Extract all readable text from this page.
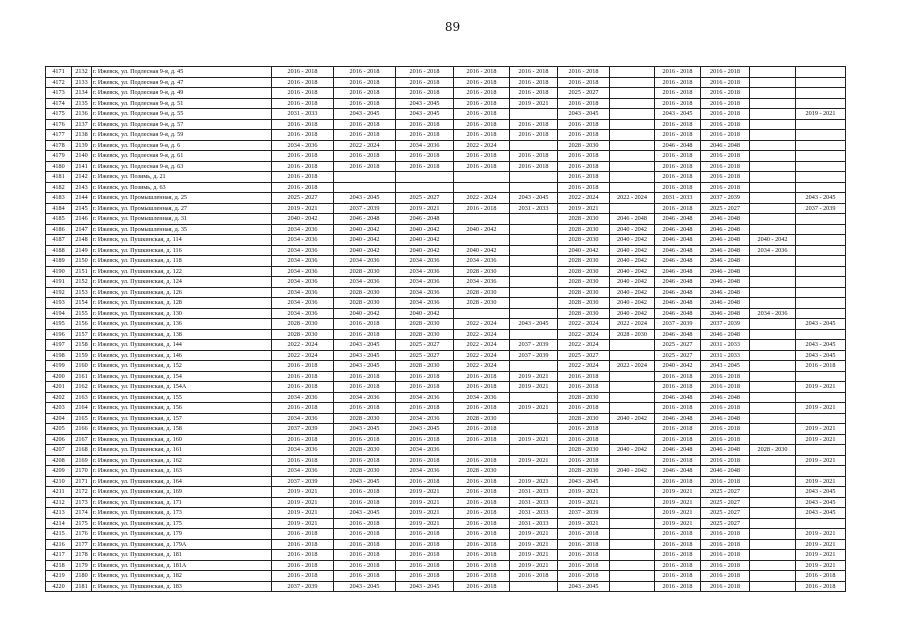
89
4171	2132	г. Ижевск, ул. Подлесная 9-я, д. 45	2016 - 2018	2016 - 2018	2016 - 2018	2016 - 2018	2016 - 2018	2016 - 2018		2016 - 2018	2016 - 2018		
4172	2133	г. Ижевск, ул. Подлесная 9-я, д. 47	2016 - 2018	2016 - 2018	2016 - 2018	2016 - 2018	2016 - 2018	2016 - 2018		2016 - 2018	2016 - 2018		
4173	2134	г. Ижевск, ул. Подлесная 9-я, д. 49	2016 - 2018	2016 - 2018	2016 - 2018	2016 - 2018	2016 - 2018	2025 - 2027		2016 - 2018	2016 - 2018		
4174	2135	г. Ижевск, ул. Подлесная 9-я, д. 51	2016 - 2018	2016 - 2018	2043 - 2045	2016 - 2018	2019 - 2021	2016 - 2018		2016 - 2018	2016 - 2018		
4175	2136	г. Ижевск, ул. Подлесная 9-я, д. 55	2031 - 2033	2043 - 2045	2043 - 2045	2016 - 2018		2043 - 2045		2043 - 2045	2016 - 2018		2019 - 2021
4176	2137	г. Ижевск, ул. Подлесная 9-я, д. 57	2016 - 2018	2016 - 2018	2016 - 2018	2016 - 2018	2016 - 2018	2016 - 2018		2016 - 2018	2016 - 2018		
4177	2138	г. Ижевск, ул. Подлесная 9-я, д. 59	2016 - 2018	2016 - 2018	2016 - 2018	2016 - 2018	2016 - 2018	2016 - 2018		2016 - 2018	2016 - 2018		
4178	2139	г. Ижевск, ул. Подлесная 9-я, д. 6	2034 - 2036	2022 - 2024	2034 - 2036	2022 - 2024		2028 - 2030		2046 - 2048	2046 - 2048		
4179	2140	г. Ижевск, ул. Подлесная 9-я, д. 61	2016 - 2018	2016 - 2018	2016 - 2018	2016 - 2018	2016 - 2018	2016 - 2018		2016 - 2018	2016 - 2018		
4180	2141	г. Ижевск, ул. Подлесная 9-я, д. 63	2016 - 2018	2016 - 2018	2016 - 2018	2016 - 2018	2016 - 2018	2016 - 2018		2016 - 2018	2016 - 2018		
4181	2142	г. Ижевск, ул. Позимь, д. 21	2016 - 2018					2016 - 2018		2016 - 2018	2016 - 2018		
4182	2143	г. Ижевск, ул. Позимь, д. 63	2016 - 2018					2016 - 2018		2016 - 2018	2016 - 2018		
4183	2144	г. Ижевск, ул. Промышленная, д. 25	2025 - 2027	2043 - 2045	2025 - 2027	2022 - 2024	2043 - 2045	2022 - 2024	2022 - 2024	2031 - 2033	2037 - 2039		2043 - 2045
4184	2145	г. Ижевск, ул. Промышленная, д. 27	2019 - 2021	2037 - 2039	2019 - 2021	2016 - 2018	2031 - 2033	2019 - 2021		2016 - 2018	2025 - 2027		2037 - 2039
4185	2146	г. Ижевск, ул. Промышленная, д. 31	2040 - 2042	2046 - 2048	2046 - 2048			2028 - 2030	2046 - 2048	2046 - 2048	2046 - 2048		
4186	2147	г. Ижевск, ул. Промышленная, д. 35	2034 - 2036	2040 - 2042	2040 - 2042	2040 - 2042		2028 - 2030	2040 - 2042	2046 - 2048	2046 - 2048		
4187	2148	г. Ижевск, ул. Пушкинская, д. 114	2034 - 2036	2040 - 2042	2040 - 2042			2028 - 2030	2040 - 2042	2046 - 2048	2046 - 2048	2040 - 2042	
4188	2149	г. Ижевск, ул. Пушкинская, д. 116	2034 - 2036	2040 - 2042	2040 - 2042	2040 - 2042		2040 - 2042	2040 - 2042	2046 - 2048	2046 - 2048	2034 - 2036	
4189	2150	г. Ижевск, ул. Пушкинская, д. 118	2034 - 2036	2034 - 2036	2034 - 2036	2034 - 2036		2028 - 2030	2040 - 2042	2046 - 2048	2046 - 2048		
4190	2151	г. Ижевск, ул. Пушкинская, д. 122	2034 - 2036	2028 - 2030	2034 - 2036	2028 - 2030		2028 - 2030	2040 - 2042	2046 - 2048	2046 - 2048		
4191	2152	г. Ижевск, ул. Пушкинская, д. 124	2034 - 2036	2034 - 2036	2034 - 2036	2034 - 2036		2028 - 2030	2040 - 2042	2046 - 2048	2046 - 2048		
4192	2153	г. Ижевск, ул. Пушкинская, д. 126	2034 - 2036	2028 - 2030	2034 - 2036	2028 - 2030		2028 - 2030	2040 - 2042	2046 - 2048	2046 - 2048		
4193	2154	г. Ижевск, ул. Пушкинская, д. 128	2034 - 2036	2028 - 2030	2034 - 2036	2028 - 2030		2028 - 2030	2040 - 2042	2046 - 2048	2046 - 2048		
4194	2155	г. Ижевск, ул. Пушкинская, д. 130	2034 - 2036	2040 - 2042	2040 - 2042			2028 - 2030	2040 - 2042	2046 - 2048	2046 - 2048	2034 - 2036	
4195	2156	г. Ижевск, ул. Пушкинская, д. 136	2028 - 2030	2016 - 2018	2028 - 2030	2022 - 2024	2043 - 2045	2022 - 2024	2022 - 2024	2037 - 2039	2037 - 2039		2043 - 2045
4196	2157	г. Ижевск, ул. Пушкинская, д. 138	2028 - 2030	2016 - 2018	2028 - 2030	2022 - 2024		2022 - 2024	2028 - 2030	2046 - 2048	2046 - 2048		
4197	2158	г. Ижевск, ул. Пушкинская, д. 144	2022 - 2024	2043 - 2045	2025 - 2027	2022 - 2024	2037 - 2039	2022 - 2024		2025 - 2027	2031 - 2033		2043 - 2045
4198	2159	г. Ижевск, ул. Пушкинская, д. 146	2022 - 2024	2043 - 2045	2025 - 2027	2022 - 2024	2037 - 2039	2025 - 2027		2025 - 2027	2031 - 2033		2043 - 2045
4199	2160	г. Ижевск, ул. Пушкинская, д. 152	2016 - 2018	2043 - 2045	2028 - 2030	2022 - 2024		2022 - 2024	2022 - 2024	2040 - 2042	2043 - 2045		2016 - 2018
4200	2161	г. Ижевск, ул. Пушкинская, д. 154	2016 - 2018	2016 - 2018	2016 - 2018	2016 - 2018	2019 - 2021	2016 - 2018		2016 - 2018	2016 - 2018		
4201	2162	г. Ижевск, ул. Пушкинская, д. 154А	2016 - 2018	2016 - 2018	2016 - 2018	2016 - 2018	2019 - 2021	2016 - 2018		2016 - 2018	2016 - 2018		2019 - 2021
4202	2163	г. Ижевск, ул. Пушкинская, д. 155	2034 - 2036	2034 - 2036	2034 - 2036	2034 - 2036		2028 - 2030		2046 - 2048	2046 - 2048		
4203	2164	г. Ижевск, ул. Пушкинская, д. 156	2016 - 2018	2016 - 2018	2016 - 2018	2016 - 2018	2019 - 2021	2016 - 2018		2016 - 2018	2016 - 2018		2019 - 2021
4204	2165	г. Ижевск, ул. Пушкинская, д. 157	2034 - 2036	2028 - 2030	2034 - 2036	2028 - 2030		2028 - 2030	2040 - 2042	2046 - 2048	2046 - 2048		
4205	2166	г. Ижевск, ул. Пушкинская, д. 158	2037 - 2039	2043 - 2045	2043 - 2045	2016 - 2018		2016 - 2018		2016 - 2018	2016 - 2018		2019 - 2021
4206	2167	г. Ижевск, ул. Пушкинская, д. 160	2016 - 2018	2016 - 2018	2016 - 2018	2016 - 2018	2019 - 2021	2016 - 2018		2016 - 2018	2016 - 2018		2019 - 2021
4207	2168	г. Ижевск, ул. Пушкинская, д. 161	2034 - 2036	2028 - 2030	2034 - 2036			2028 - 2030	2040 - 2042	2046 - 2048	2046 - 2048	2028 - 2030	
4208	2169	г. Ижевск, ул. Пушкинская, д. 162	2016 - 2018	2016 - 2018	2016 - 2018	2016 - 2018	2019 - 2021	2016 - 2018		2016 - 2018	2016 - 2018		2019 - 2021
4209	2170	г. Ижевск, ул. Пушкинская, д. 163	2034 - 2036	2028 - 2030	2034 - 2036	2028 - 2030		2028 - 2030	2040 - 2042	2046 - 2048	2046 - 2048		
4210	2171	г. Ижевск, ул. Пушкинская, д. 164	2037 - 2039	2043 - 2045	2016 - 2018	2016 - 2018	2019 - 2021	2043 - 2045		2016 - 2018	2016 - 2018		2019 - 2021
4211	2172	г. Ижевск, ул. Пушкинская, д. 169	2019 - 2021	2016 - 2018	2019 - 2021	2016 - 2018	2031 - 2033	2019 - 2021		2019 - 2021	2025 - 2027		2043 - 2045
4212	2173	г. Ижевск, ул. Пушкинская, д. 171	2019 - 2021	2016 - 2018	2019 - 2021	2016 - 2018	2031 - 2033	2019 - 2021		2019 - 2021	2025 - 2027		2043 - 2045
4213	2174	г. Ижевск, ул. Пушкинская, д. 173	2019 - 2021	2043 - 2045	2019 - 2021	2016 - 2018	2031 - 2033	2037 - 2039		2019 - 2021	2025 - 2027		2043 - 2045
4214	2175	г. Ижевск, ул. Пушкинская, д. 175	2019 - 2021	2016 - 2018	2019 - 2021	2016 - 2018	2031 - 2033	2019 - 2021		2019 - 2021	2025 - 2027		
4215	2176	г. Ижевск, ул. Пушкинская, д. 179	2016 - 2018	2016 - 2018	2016 - 2018	2016 - 2018	2019 - 2021	2016 - 2018		2016 - 2018	2016 - 2018		2019 - 2021
4216	2177	г. Ижевск, ул. Пушкинская, д. 179А	2016 - 2018	2016 - 2018	2016 - 2018	2016 - 2018	2019 - 2021	2016 - 2018		2016 - 2018	2016 - 2018		2019 - 2021
4217	2178	г. Ижевск, ул. Пушкинская, д. 181	2016 - 2018	2016 - 2018	2016 - 2018	2016 - 2018	2019 - 2021	2016 - 2018		2016 - 2018	2016 - 2018		2019 - 2021
4218	2179	г. Ижевск, ул. Пушкинская, д. 181А	2016 - 2018	2016 - 2018	2016 - 2018	2016 - 2018	2019 - 2021	2016 - 2018		2016 - 2018	2016 - 2018		2019 - 2021
4219	2180	г. Ижевск, ул. Пушкинская, д. 182	2016 - 2018	2016 - 2018	2016 - 2018	2016 - 2018	2016 - 2018	2016 - 2018		2016 - 2018	2016 - 2018		2016 - 2018
4220	2181	г. Ижевск, ул. Пушкинская, д. 183	2037 - 2039	2043 - 2045	2043 - 2045	2016 - 2018		2043 - 2045		2016 - 2018	2016 - 2018		2016 - 2018
